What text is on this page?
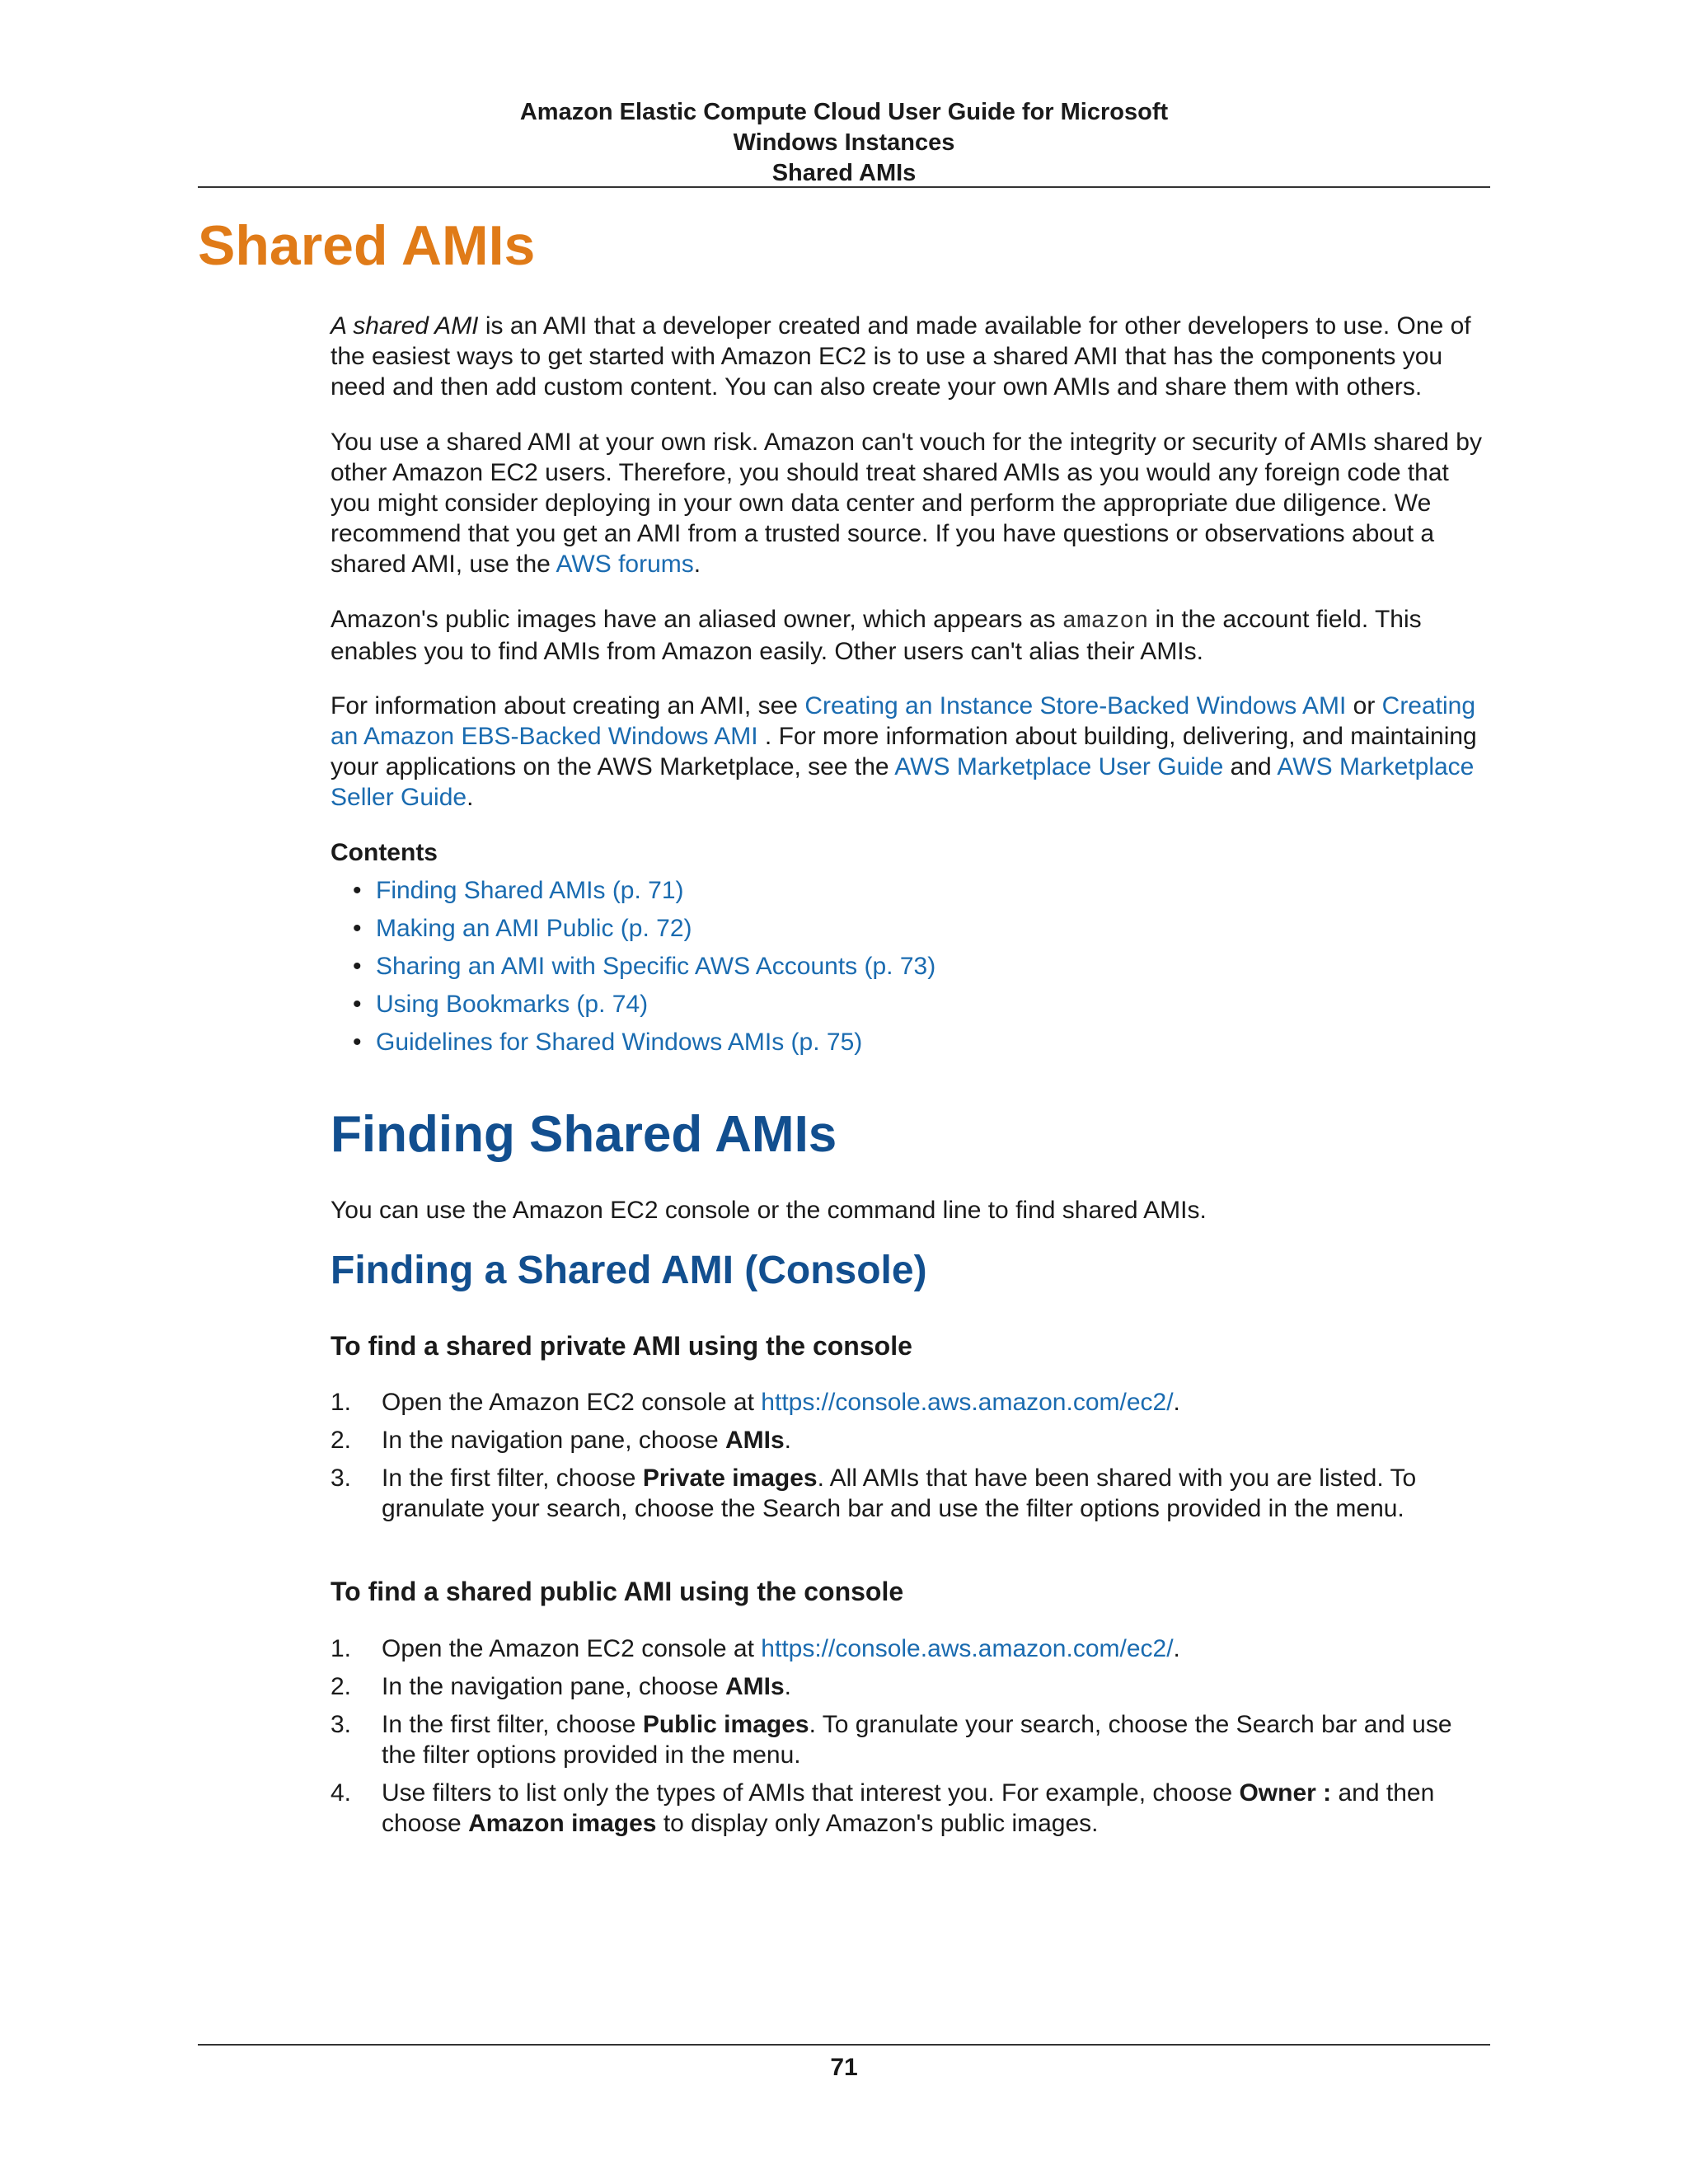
Amazon Elastic Compute Cloud User Guide for Microsoft
Windows Instances
Shared AMIs
Shared AMIs

A shared AMI is an AMI that a developer created and made available for other developers to use. One of the easiest ways to get started with Amazon EC2 is to use a shared AMI that has the components you need and then add custom content. You can also create your own AMIs and share them with others.

You use a shared AMI at your own risk. Amazon can't vouch for the integrity or security of AMIs shared by other Amazon EC2 users. Therefore, you should treat shared AMIs as you would any foreign code that you might consider deploying in your own data center and perform the appropriate due diligence. We recommend that you get an AMI from a trusted source. If you have questions or observations about a shared AMI, use the AWS forums.

Amazon's public images have an aliased owner, which appears as amazon in the account field. This enables you to find AMIs from Amazon easily. Other users can't alias their AMIs.

For information about creating an AMI, see Creating an Instance Store-Backed Windows AMI or Creating an Amazon EBS-Backed Windows AMI . For more information about building, delivering, and maintaining your applications on the AWS Marketplace, see the AWS Marketplace User Guide and AWS Marketplace Seller Guide.

Contents
• Finding Shared AMIs (p. 71)
• Making an AMI Public (p. 72)
• Sharing an AMI with Specific AWS Accounts (p. 73)
• Using Bookmarks (p. 74)
• Guidelines for Shared Windows AMIs (p. 75)
Finding Shared AMIs

You can use the Amazon EC2 console or the command line to find shared AMIs.

Finding a Shared AMI (Console)
To find a shared private AMI using the console
1. Open the Amazon EC2 console at https://console.aws.amazon.com/ec2/.
2. In the navigation pane, choose AMIs.
3. In the first filter, choose Private images. All AMIs that have been shared with you are listed. To granulate your search, choose the Search bar and use the filter options provided in the menu.
To find a shared public AMI using the console
1. Open the Amazon EC2 console at https://console.aws.amazon.com/ec2/.
2. In the navigation pane, choose AMIs.
3. In the first filter, choose Public images. To granulate your search, choose the Search bar and use the filter options provided in the menu.
4. Use filters to list only the types of AMIs that interest you. For example, choose Owner : and then choose Amazon images to display only Amazon's public images.
71
